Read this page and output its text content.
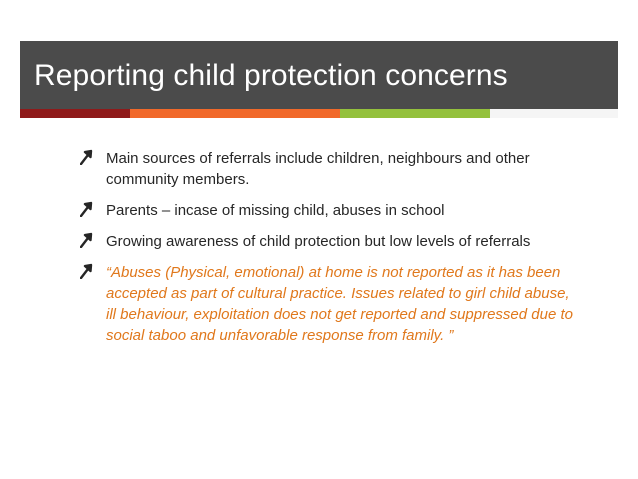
Reporting child protection concerns
Main sources of referrals include children, neighbours and other community members.
Parents – incase of missing child, abuses in school
Growing awareness of child protection but low levels of referrals
“Abuses (Physical, emotional) at home is not reported as it has been accepted as part of cultural practice. Issues related to girl child abuse, ill behaviour, exploitation does not get reported and suppressed due to social taboo and unfavorable response from family. ”
